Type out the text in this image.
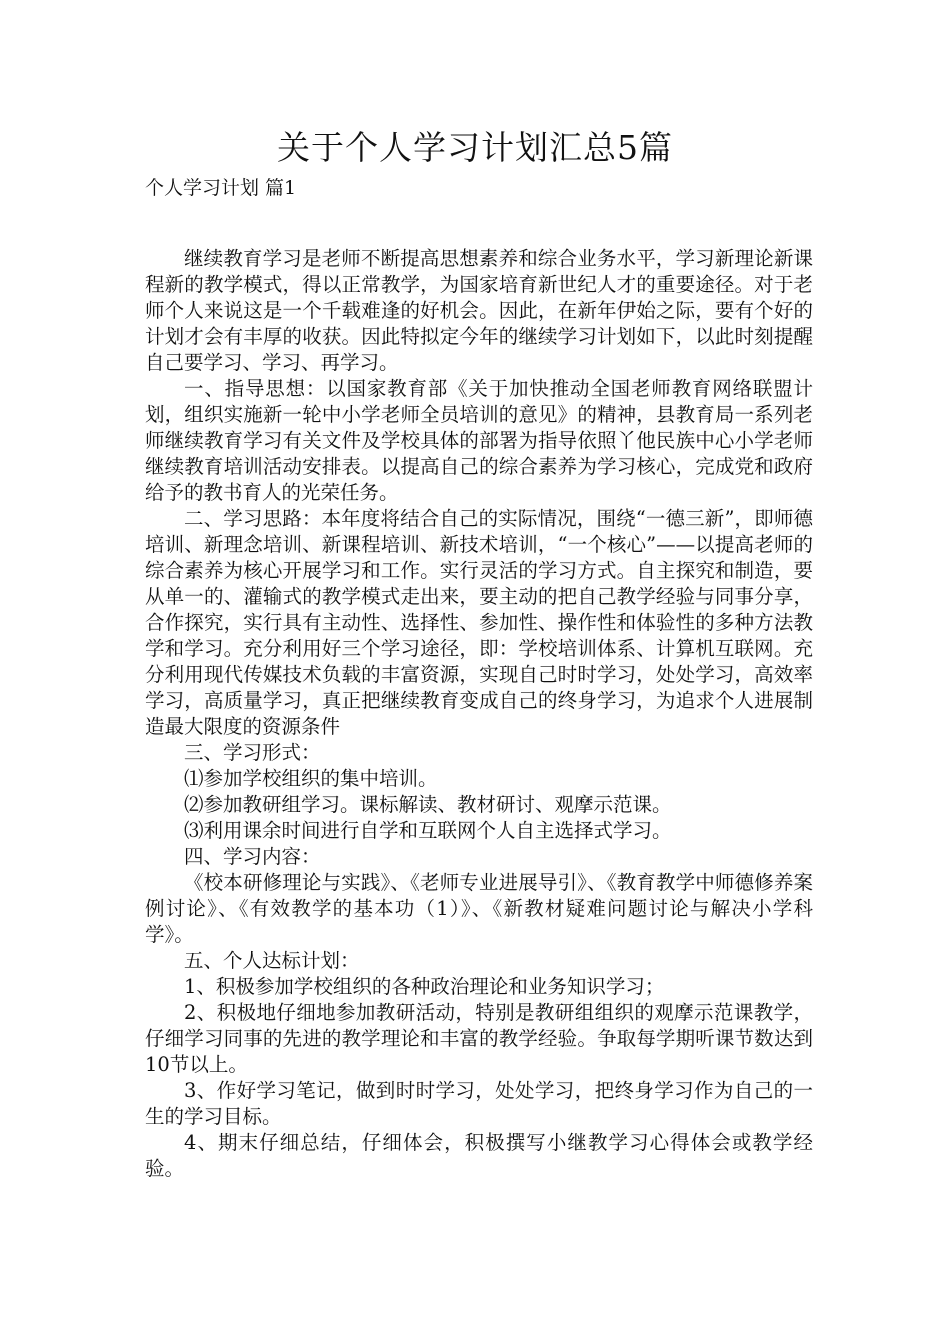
关于个人学习计划汇总5篇
个人学习计划 篇1

继续教育学习是老师不断提高思想素养和综合业务水平，学习新理论新课程新的教学模式，得以正常教学，为国家培育新世纪人才的重要途径。对于老师个人来说这是一个千载难逢的好机会。因此，在新年伊始之际，要有个好的计划才会有丰厚的收获。因此特拟定今年的继续学习计划如下，以此时刻提醒自己要学习、学习、再学习。

一、指导思想：以国家教育部《关于加快推动全国老师教育网络联盟计划，组织实施新一轮中小学老师全员培训的意见》的精神，县教育局一系列老师继续教育学习有关文件及学校具体的部署为指导依照丫他民族中心小学老师继续教育培训活动安排表。以提高自己的综合素养为学习核心，完成党和政府给予的教书育人的光荣任务。

二、学习思路：本年度将结合自己的实际情况，围绕“一德三新”，即师德培训、新理念培训、新课程培训、新技术培训，“一个核心”——以提高老师的综合素养为核心开展学习和工作。实行灵活的学习方式。自主探究和制造，要从单一的、灌输式的教学模式走出来，要主动的把自己教学经验与同事分享，合作探究，实行具有主动性、选择性、参加性、操作性和体验性的多种方法教学和学习。充分利用好三个学习途径，即：学校培训体系、计算机互联网。充分利用现代传媒技术负载的丰富资源，实现自己时时学习，处处学习，高效率学习，高质量学习，真正把继续教育变成自己的终身学习，为追求个人进展制造最大限度的资源条件

三、学习形式：

⑴参加学校组织的集中培训。

⑵参加教研组学习。课标解读、教材研讨、观摩示范课。

⑶利用课余时间进行自学和互联网个人自主选择式学习。

四、学习内容：

《校本研修理论与实践》、《老师专业进展导引》、《教育教学中师德修养案例讨论》、《有效教学的基本功（1）》、《新教材疑难问题讨论与解决小学科学》。

五、个人达标计划：

1、积极参加学校组织的各种政治理论和业务知识学习；

2、积极地仔细地参加教研活动，特别是教研组组织的观摩示范课教学，仔细学习同事的先进的教学理论和丰富的教学经验。争取每学期听课节数达到10节以上。

3、作好学习笔记，做到时时学习，处处学习，把终身学习作为自己的一生的学习目标。

4、期末仔细总结，仔细体会，积极撰写小继教学习心得体会或教学经验。
